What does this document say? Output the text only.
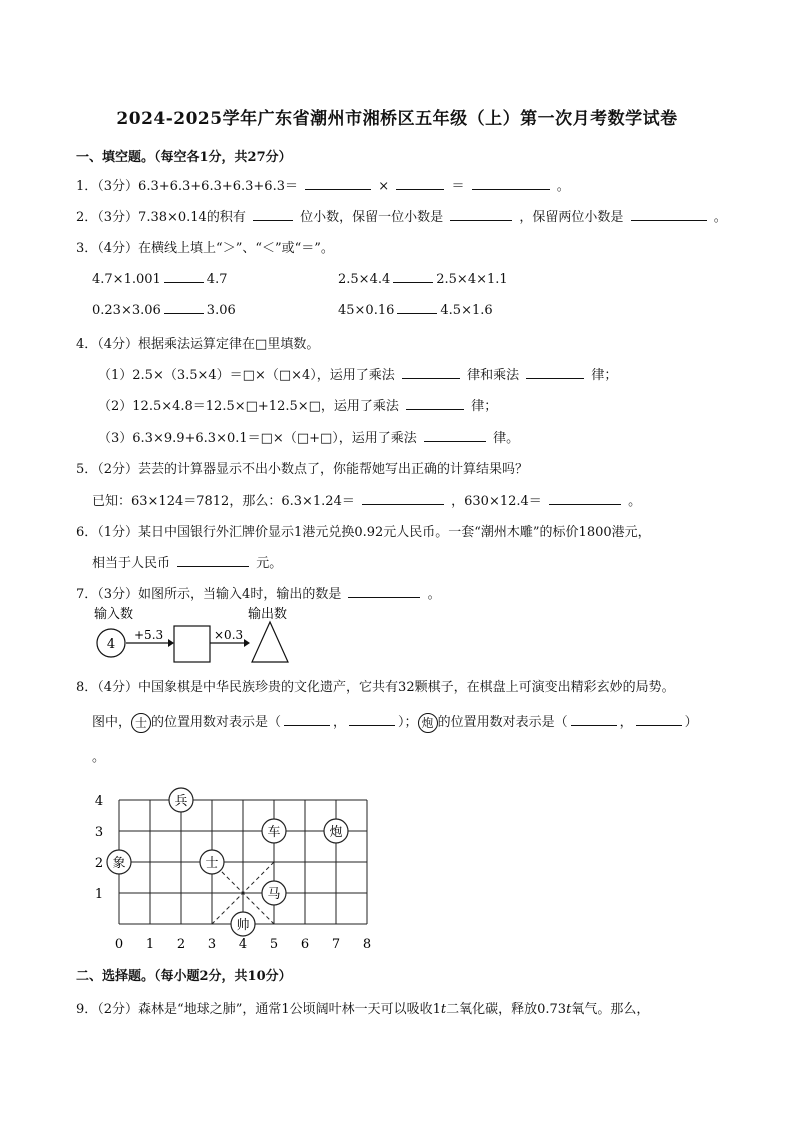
2024-2025学年广东省潮州市湘桥区五年级（上）第一次月考数学试卷
一、填空题。（每空各1分，共27分）
1．（3分）6.3+6.3+6.3+6.3+6.3＝	×	＝	。
2．（3分）7.38×0.14的积有	位小数，保留一位小数是	，保留两位小数是	。
3．（4分）在横线上填上“＞”、“＜”或“＝”。
4.7×1.001	4.7	2.5×4.4	2.5×4×1.1
0.23×3.06	3.06	45×0.16	4.5×1.6
4．（4分）根据乘法运算定律在□里填数。
（1）2.5×（3.5×4）＝□×（□×4），运用了乘法	律和乘法	律；
（2）12.5×4.8＝12.5×□+12.5×□，运用了乘法	律；
（3）6.3×9.9+6.3×0.1＝□×（□+□），运用了乘法	律。
5．（2分）芸芸的计算器显示不出小数点了，你能帮她写出正确的计算结果吗？
已知：63×124＝7812，那么：6.3×1.24＝	，630×12.4＝	。
6．（1分）某日中国银行外汇牌价显示1港元兑换0.92元人民币。一套“潮州木雕”的标价1800港元，
相当于人民币	元。
7．（3分）如图所示，当输入4时，输出的数是	。
输入数	输出数
4
+5.3	×0.3
8．（4分）中国象棋是中华民族珍贵的文化遗产，它共有32颗棋子，在棋盘上可演变出精彩玄妙的局势。
图中， 士 的位置用数对表示是（	，	）； 炮 的位置用数对表示是（	，	）
。
0 1 2 3 4 5 6 7 8
1
2
3
4	兵
车	炮
象	士
马
帅
二、选择题。（每小题2分，共10分）
9．（2分）森林是“地球之肺”，通常1公顷阔叶林一天可以吸收1t二氧化碳，释放0.73t氧气。那么，
